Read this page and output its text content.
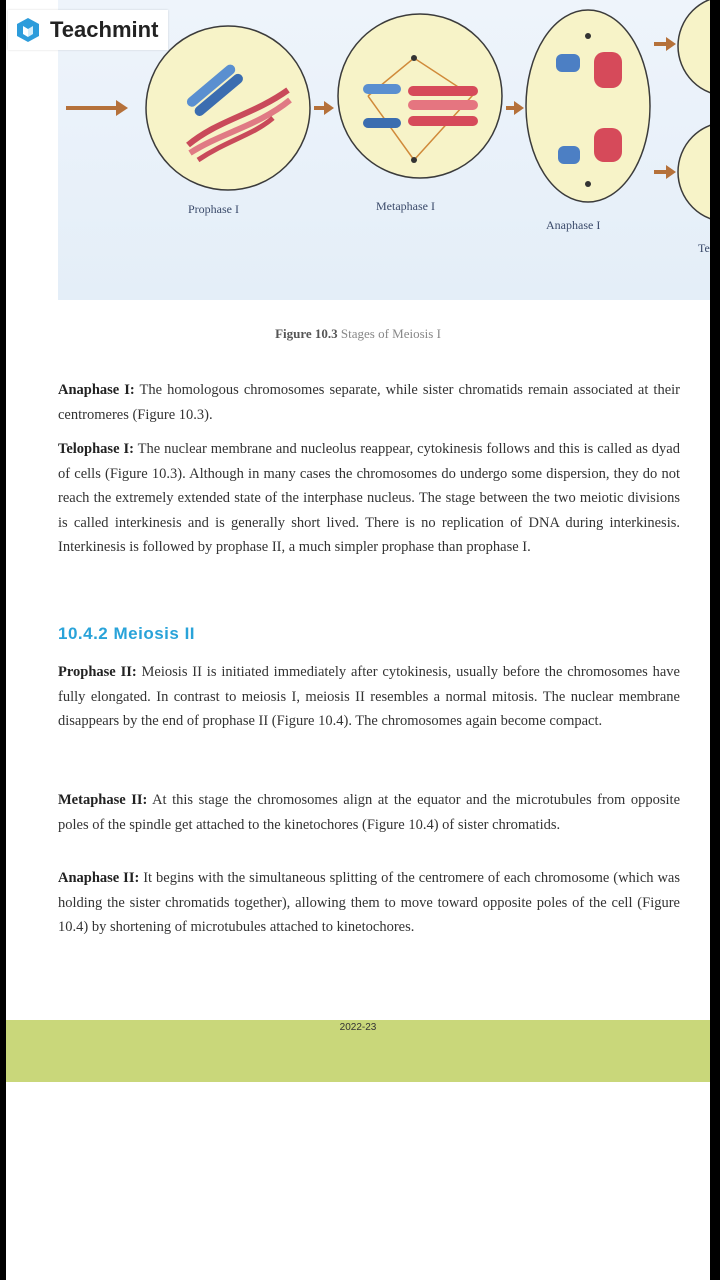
Prophase I	Metaphase I
Anaphase I
Te
Figure 10.3 Stages of Meiosis I

Anaphase I: The homologous chromosomes separate, while sister chromatids remain associated at their centromeres (Figure 10.3).

Telophase I: The nuclear membrane and nucleolus reappear, cytokinesis follows and this is called as dyad of cells (Figure 10.3). Although in many cases the chromosomes do undergo some dispersion, they do not reach the extremely extended state of the interphase nucleus. The stage between the two meiotic divisions is called interkinesis and is generally short lived. There is no replication of DNA during interkinesis. Interkinesis is followed by prophase II, a much simpler prophase than prophase I.

10.4.2 Meiosis II

Prophase II: Meiosis II is initiated immediately after cytokinesis, usually before the chromosomes have fully elongated. In contrast to meiosis I, meiosis II resembles a normal mitosis. The nuclear membrane disappears by the end of prophase II (Figure 10.4). The chromosomes again become compact.

Metaphase II: At this stage the chromosomes align at the equator and the microtubules from opposite poles of the spindle get attached to the kinetochores (Figure 10.4) of sister chromatids.

Anaphase II: It begins with the simultaneous splitting of the centromere of each chromosome (which was holding the sister chromatids together), allowing them to move toward opposite poles of the cell (Figure 10.4) by shortening of microtubules attached to kinetochores.

2022-23
Teachmint
